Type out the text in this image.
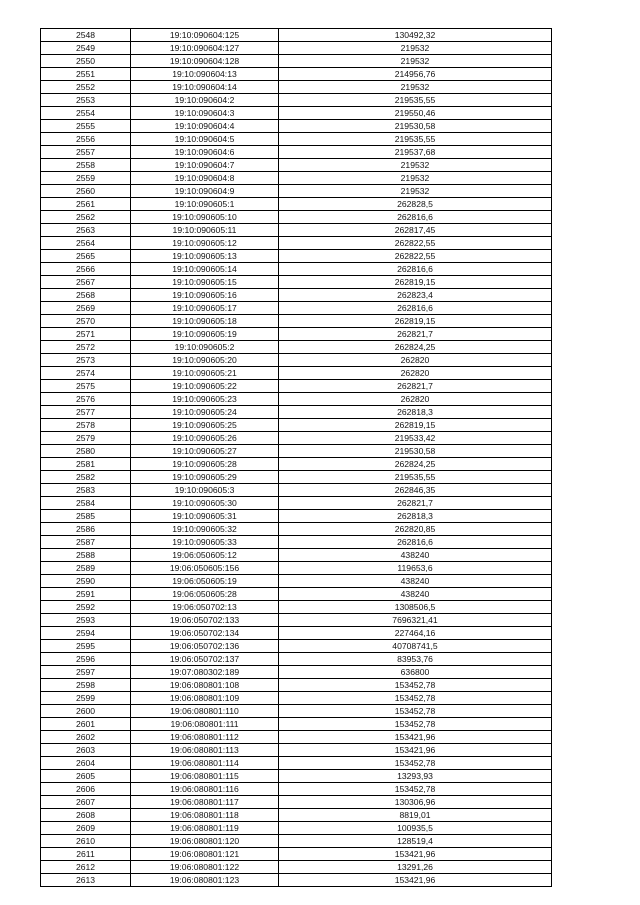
2548	19:10:090604:125	130492,32
2549	19:10:090604:127	219532
2550	19:10:090604:128	219532
2551	19:10:090604:13	214956,76
2552	19:10:090604:14	219532
2553	19:10:090604:2	219535,55
2554	19:10:090604:3	219550,46
2555	19:10:090604:4	219530,58
2556	19:10:090604:5	219535,55
2557	19:10:090604:6	219537,68
2558	19:10:090604:7	219532
2559	19:10:090604:8	219532
2560	19:10:090604:9	219532
2561	19:10:090605:1	262828,5
2562	19:10:090605:10	262816,6
2563	19:10:090605:11	262817,45
2564	19:10:090605:12	262822,55
2565	19:10:090605:13	262822,55
2566	19:10:090605:14	262816,6
2567	19:10:090605:15	262819,15
2568	19:10:090605:16	262823,4
2569	19:10:090605:17	262816,6
2570	19:10:090605:18	262819,15
2571	19:10:090605:19	262821,7
2572	19:10:090605:2	262824,25
2573	19:10:090605:20	262820
2574	19:10:090605:21	262820
2575	19:10:090605:22	262821,7
2576	19:10:090605:23	262820
2577	19:10:090605:24	262818,3
2578	19:10:090605:25	262819,15
2579	19:10:090605:26	219533,42
2580	19:10:090605:27	219530,58
2581	19:10:090605:28	262824,25
2582	19:10:090605:29	219535,55
2583	19:10:090605:3	262846,35
2584	19:10:090605:30	262821,7
2585	19:10:090605:31	262818,3
2586	19:10:090605:32	262820,85
2587	19:10:090605:33	262816,6
2588	19:06:050605:12	438240
2589	19:06:050605:156	119653,6
2590	19:06:050605:19	438240
2591	19:06:050605:28	438240
2592	19:06:050702:13	1308506,5
2593	19:06:050702:133	7696321,41
2594	19:06:050702:134	227464,16
2595	19:06:050702:136	40708741,5
2596	19:06:050702:137	83953,76
2597	19:07:080302:189	636800
2598	19:06:080801:108	153452,78
2599	19:06:080801:109	153452,78
2600	19:06:080801:110	153452,78
2601	19:06:080801:111	153452,78
2602	19:06:080801:112	153421,96
2603	19:06:080801:113	153421,96
2604	19:06:080801:114	153452,78
2605	19:06:080801:115	13293,93
2606	19:06:080801:116	153452,78
2607	19:06:080801:117	130306,96
2608	19:06:080801:118	8819,01
2609	19:06:080801:119	100935,5
2610	19:06:080801:120	128519,4
2611	19:06:080801:121	153421,96
2612	19:06:080801:122	13291,26
2613	19:06:080801:123	153421,96
